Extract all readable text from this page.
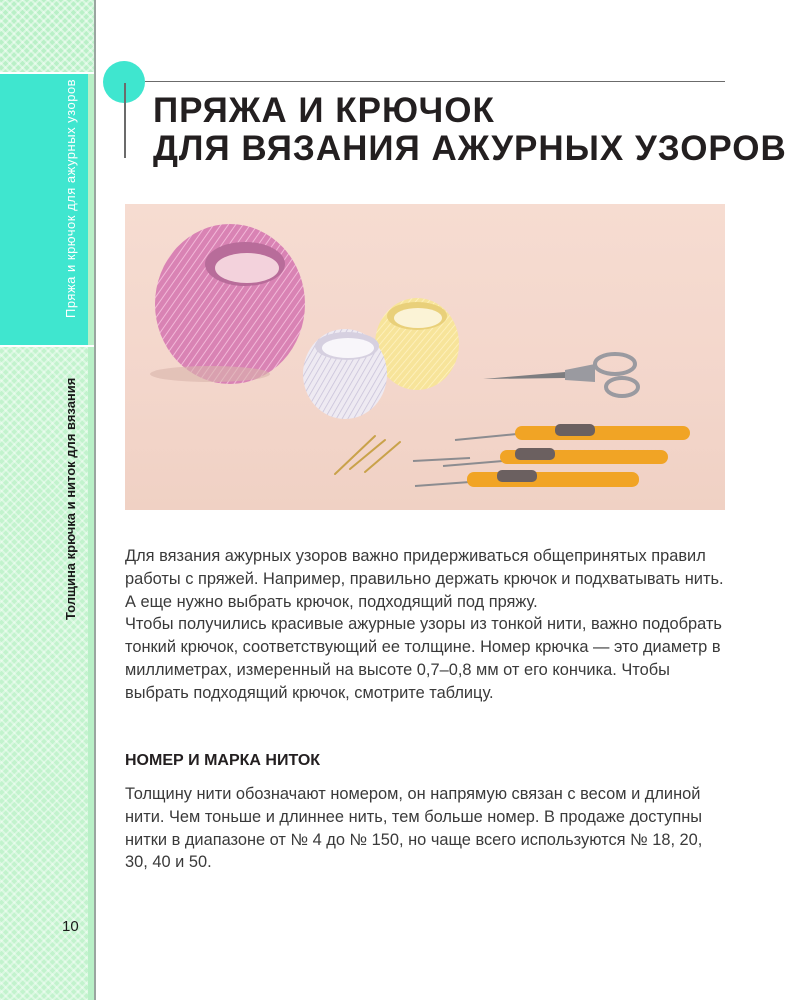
Пряжа и крючок для ажурных узоров
Толщина крючка и ниток для вязания
10
ПРЯЖА И КРЮЧОК
ДЛЯ ВЯЗАНИЯ АЖУРНЫХ УЗОРОВ

Для вязания ажурных узоров важно придерживаться общепринятых правил работы с пряжей. Например, правильно держать крючок и подхватывать нить. А еще нужно выбрать крючок, подходящий под пряжу.
Чтобы получились красивые ажурные узоры из тонкой нити, важно подобрать тонкий крючок, соответствующий ее толщине. Номер крючка — это диаметр в миллиметрах, измеренный на высоте 0,7–0,8 мм от его кончика. Чтобы выбрать подходящий крючок, смотрите таблицу.

НОМЕР И МАРКА НИТОК

Толщину нити обозначают номером, он напрямую связан с весом и длиной нити. Чем тоньше и длиннее нить, тем больше номер. В продаже доступны нитки в диапазоне от № 4 до № 150, но чаще всего используются № 18, 20, 30, 40 и 50.
